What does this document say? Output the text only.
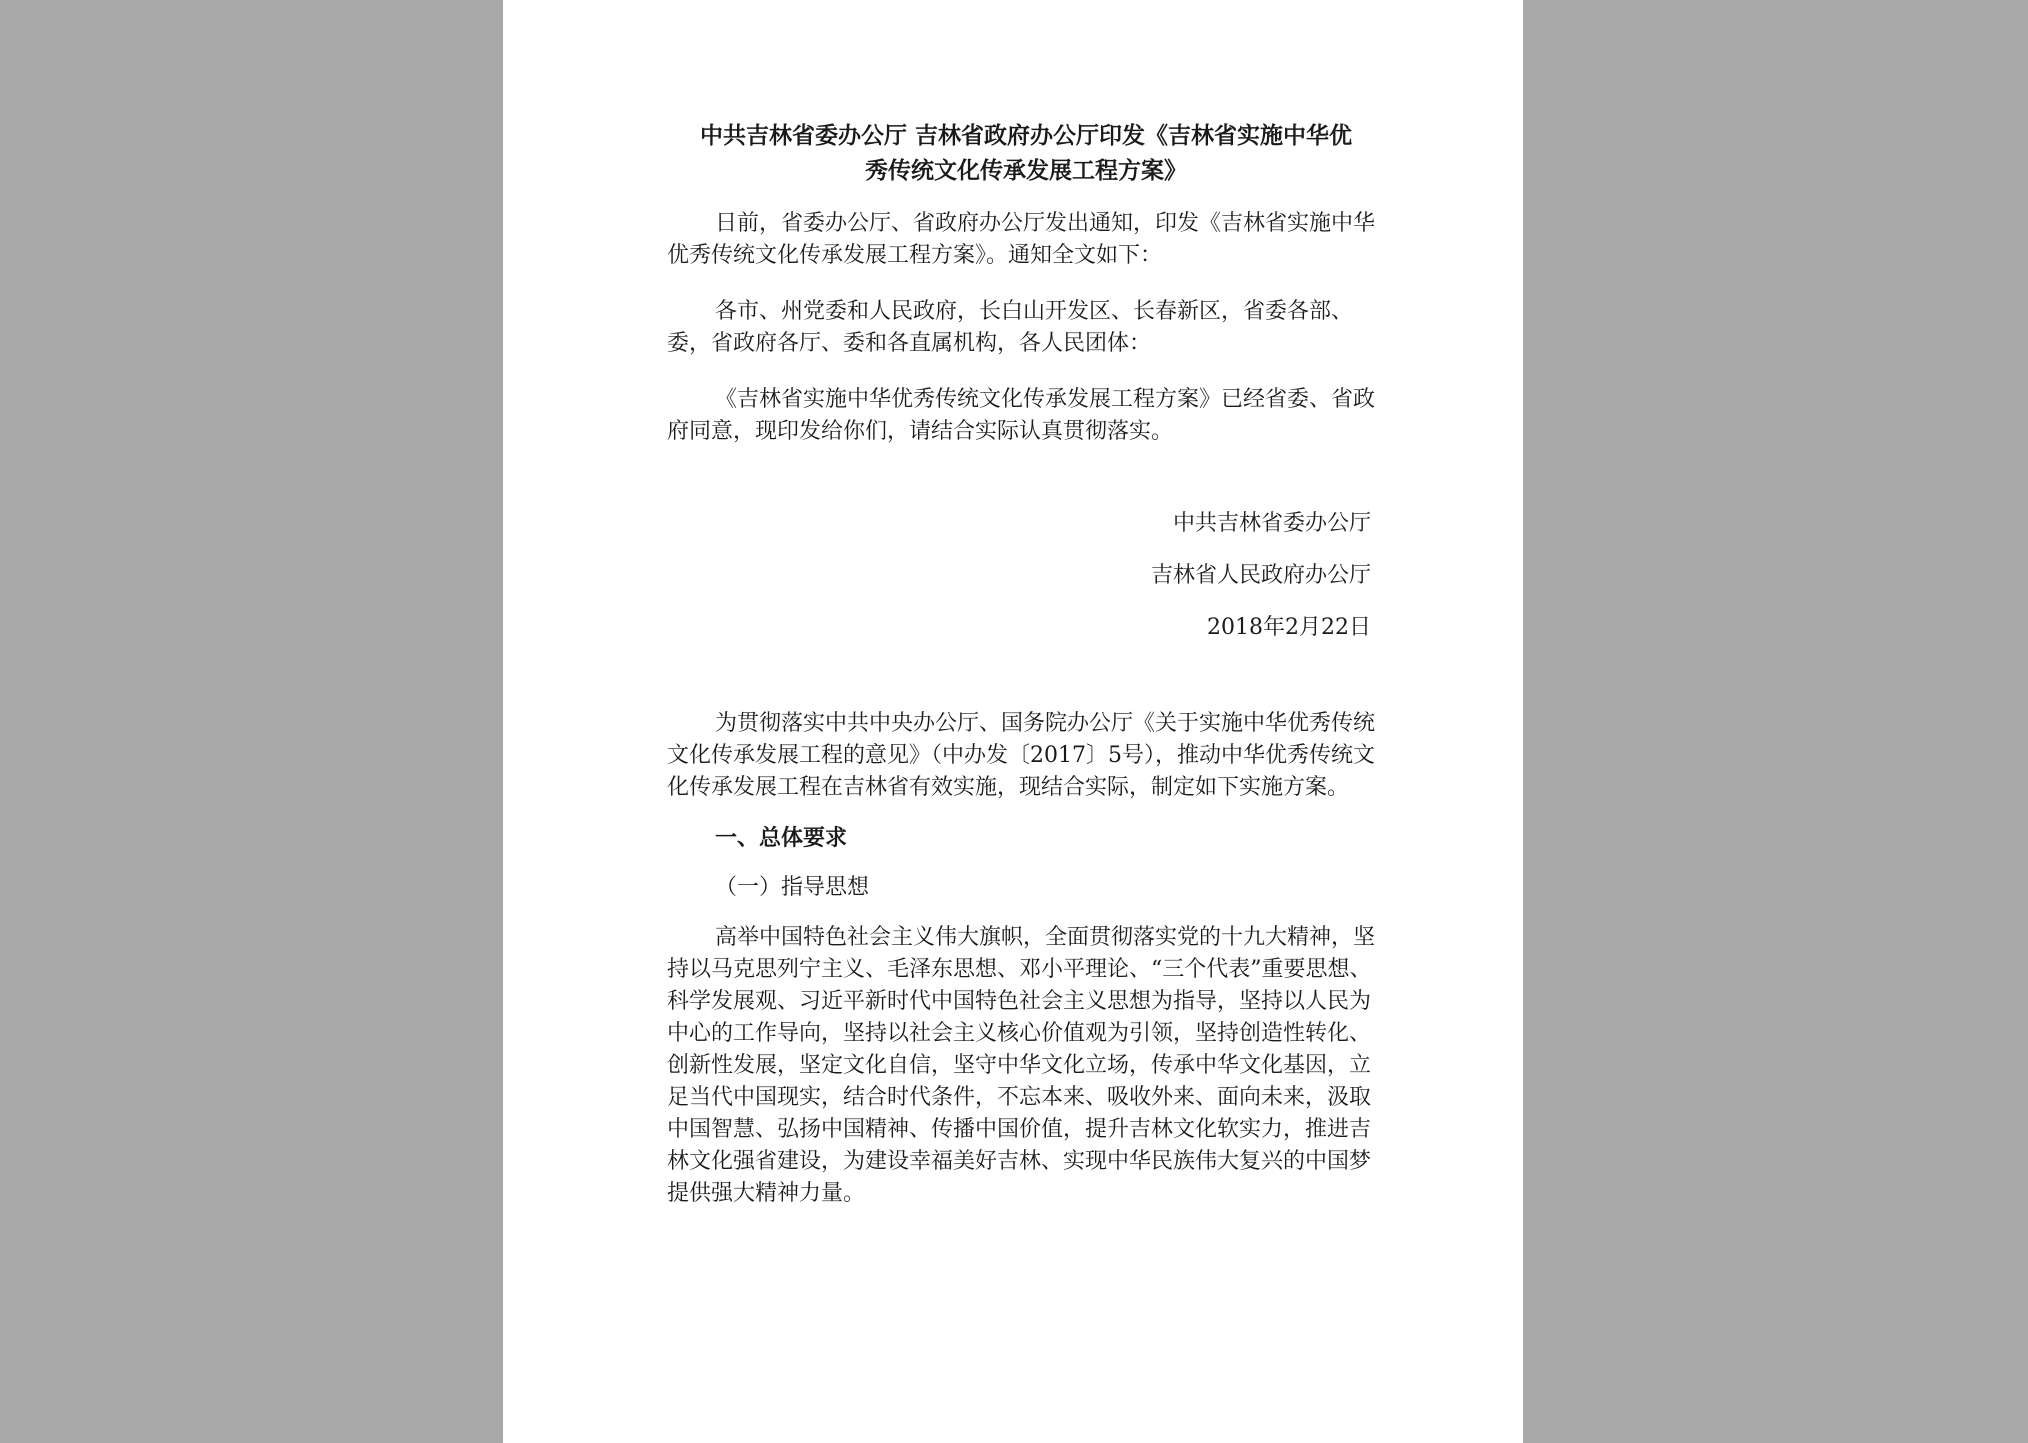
中共吉林省委办公厅 吉林省政府办公厅印发《吉林省实施中华优
秀传统文化传承发展工程方案》

日前，省委办公厅、省政府办公厅发出通知，印发《吉林省实施中华优秀传统文化传承发展工程方案》。通知全文如下：

各市、州党委和人民政府，长白山开发区、长春新区，省委各部、委，省政府各厅、委和各直属机构，各人民团体：

《吉林省实施中华优秀传统文化传承发展工程方案》已经省委、省政府同意，现印发给你们，请结合实际认真贯彻落实。

中共吉林省委办公厅

吉林省人民政府办公厅

2018年2月22日

为贯彻落实中共中央办公厅、国务院办公厅《关于实施中华优秀传统文化传承发展工程的意见》（中办发〔2017〕5号），推动中华优秀传统文化传承发展工程在吉林省有效实施，现结合实际，制定如下实施方案。

一、总体要求

（一）指导思想

高举中国特色社会主义伟大旗帜，全面贯彻落实党的十九大精神，坚持以马克思列宁主义、毛泽东思想、邓小平理论、“三个代表”重要思想、科学发展观、习近平新时代中国特色社会主义思想为指导，坚持以人民为中心的工作导向，坚持以社会主义核心价值观为引领，坚持创造性转化、创新性发展，坚定文化自信，坚守中华文化立场，传承中华文化基因，立足当代中国现实，结合时代条件，不忘本来、吸收外来、面向未来，汲取中国智慧、弘扬中国精神、传播中国价值，提升吉林文化软实力，推进吉林文化强省建设，为建设幸福美好吉林、实现中华民族伟大复兴的中国梦提供强大精神力量。
